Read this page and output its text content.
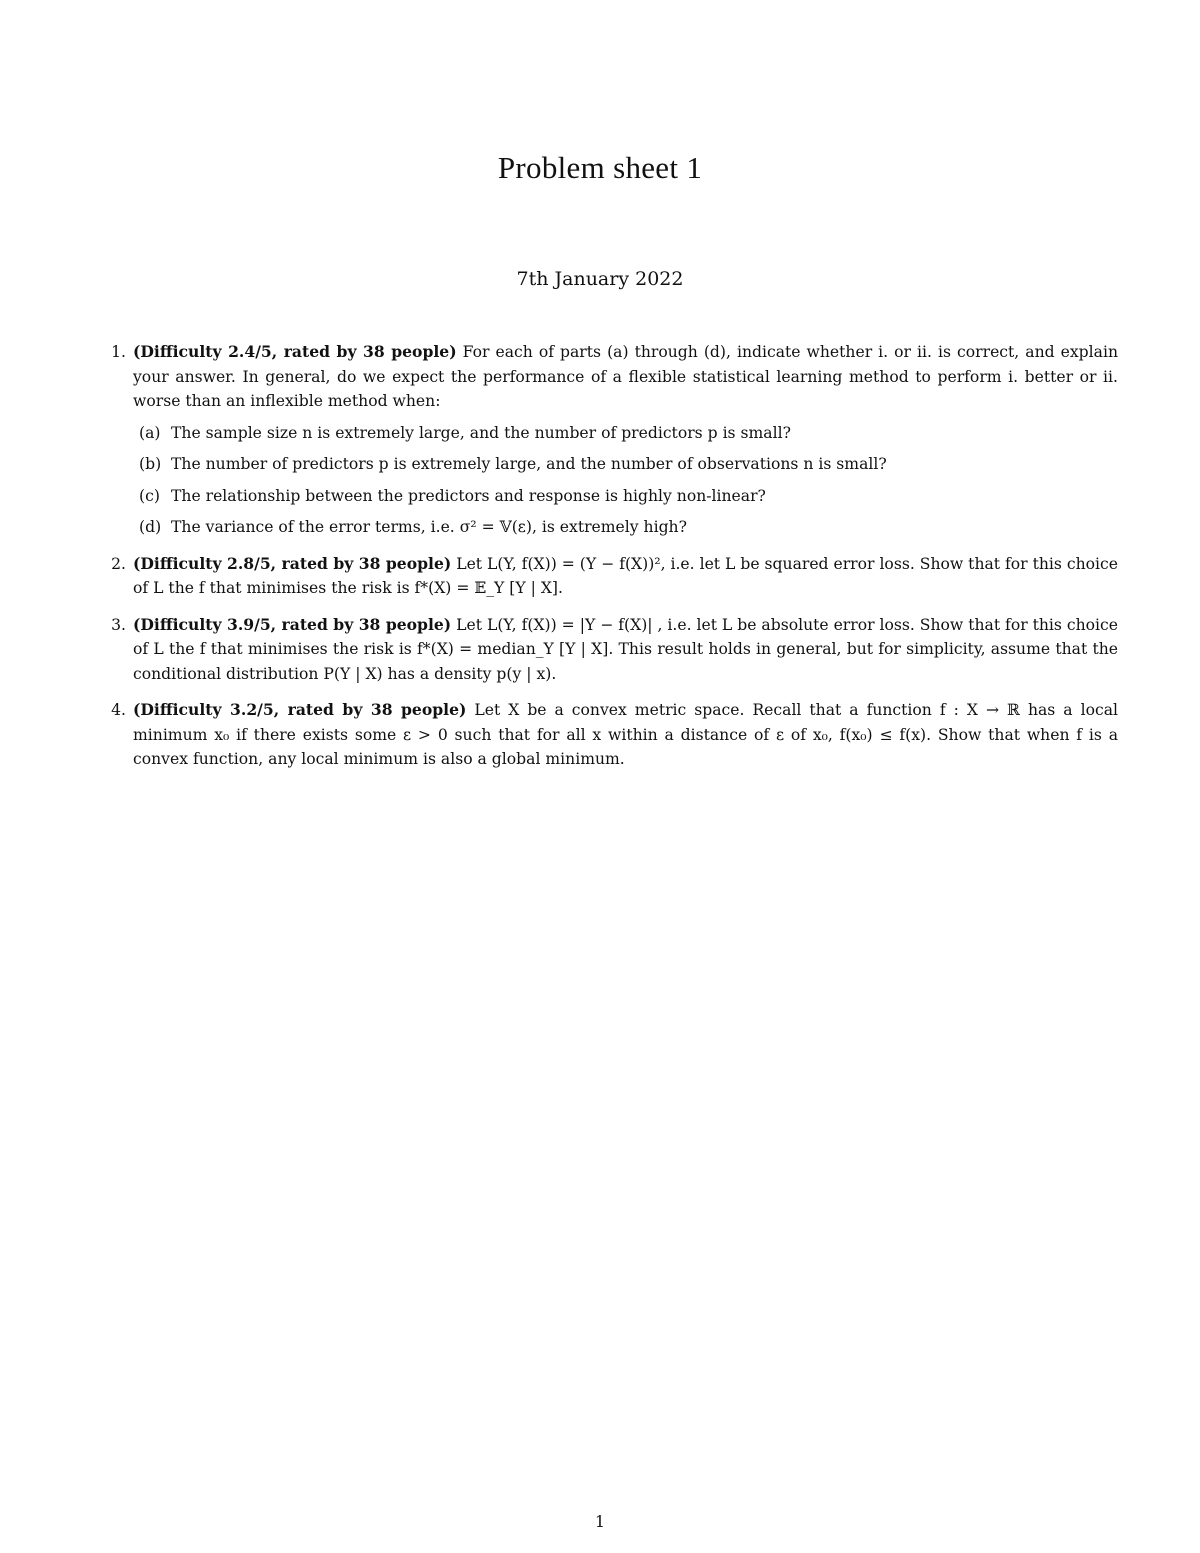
Problem sheet 1
7th January 2022
1. (Difficulty 2.4/5, rated by 38 people) For each of parts (a) through (d), indicate whether i. or ii. is correct, and explain your answer. In general, do we expect the performance of a flexible statistical learning method to perform i. better or ii. worse than an inflexible method when:
(a) The sample size n is extremely large, and the number of predictors p is small?
(b) The number of predictors p is extremely large, and the number of observations n is small?
(c) The relationship between the predictors and response is highly non-linear?
(d) The variance of the error terms, i.e. σ² = 𝕍(ε), is extremely high?
2. (Difficulty 2.8/5, rated by 38 people) Let L(Y, f(X)) = (Y − f(X))², i.e. let L be squared error loss. Show that for this choice of L the f that minimises the risk is f*(X) = 𝔼_Y [Y | X].
3. (Difficulty 3.9/5, rated by 38 people) Let L(Y, f(X)) = |Y − f(X)| , i.e. let L be absolute error loss. Show that for this choice of L the f that minimises the risk is f*(X) = median_Y [Y | X]. This result holds in general, but for simplicity, assume that the conditional distribution P(Y | X) has a density p(y | x).
4. (Difficulty 3.2/5, rated by 38 people) Let X be a convex metric space. Recall that a function f : X → ℝ has a local minimum x₀ if there exists some ε > 0 such that for all x within a distance of ε of x₀, f(x₀) ≤ f(x). Show that when f is a convex function, any local minimum is also a global minimum.
1
